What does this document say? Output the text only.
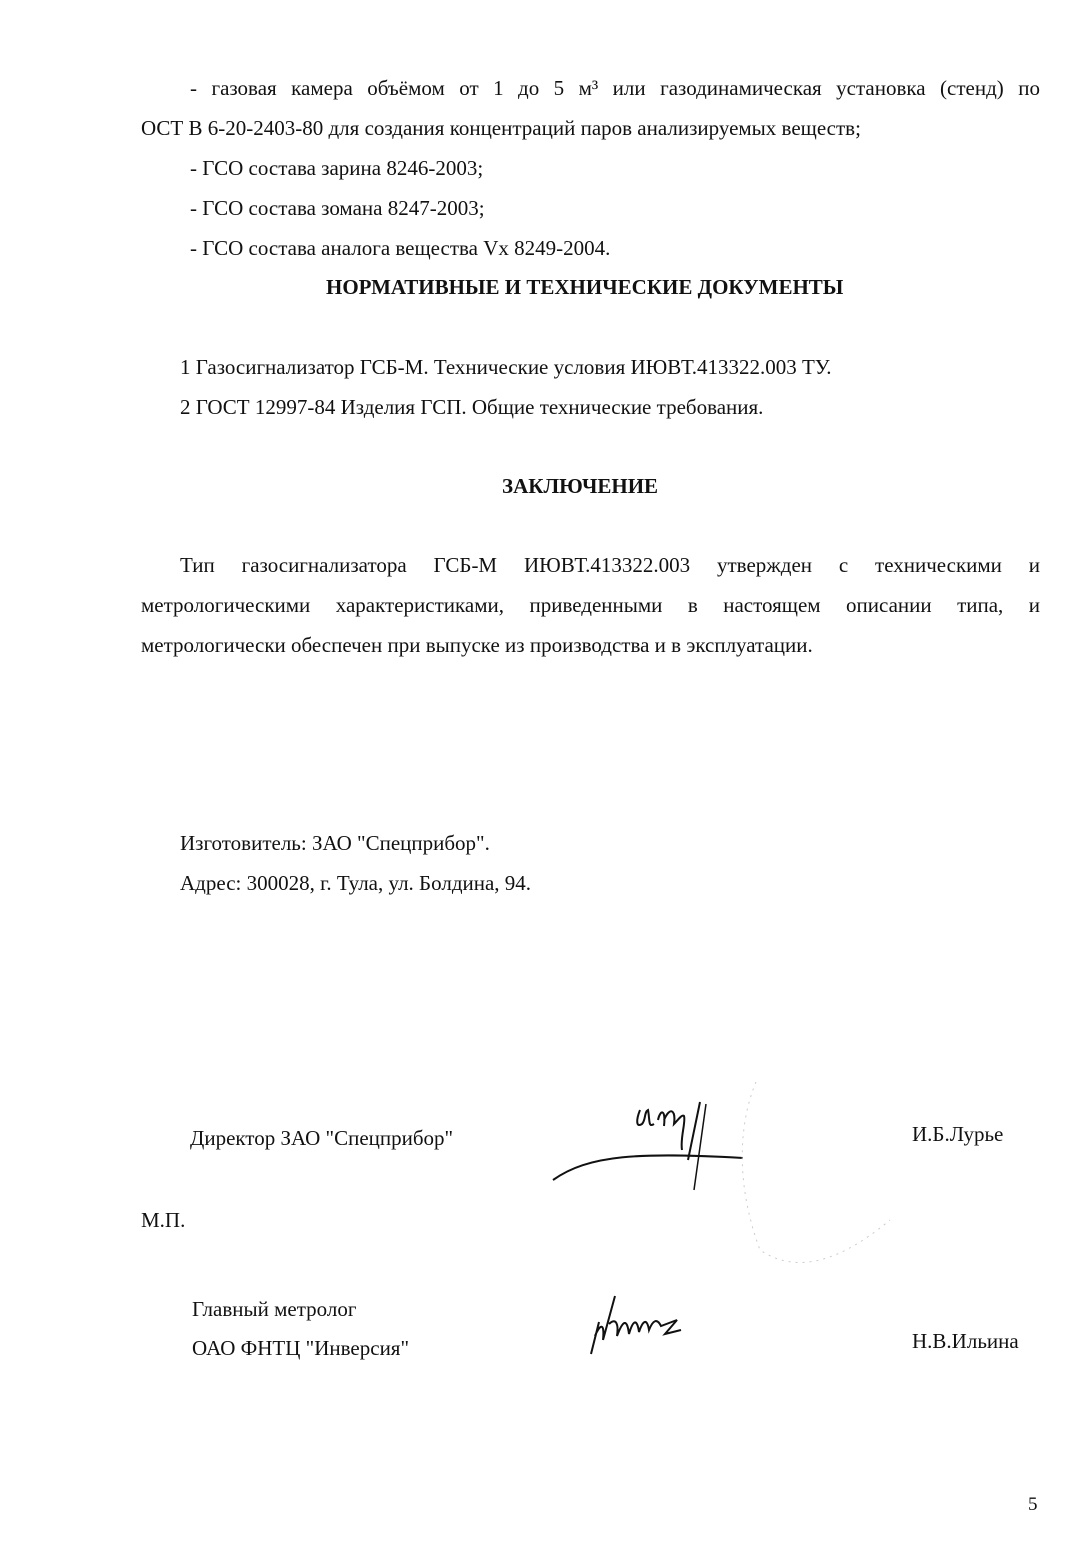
- газовая камера объёмом от 1 до 5 м³ или газодинамическая установка (стенд) по
ОСТ В 6-20-2403-80 для создания концентраций паров анализируемых веществ;
- ГСО состава зарина 8246-2003;
- ГСО состава зомана 8247-2003;
- ГСО состава аналога вещества Vx 8249-2004.
НОРМАТИВНЫЕ И ТЕХНИЧЕСКИЕ ДОКУМЕНТЫ
1 Газосигнализатор ГСБ-М. Технические условия ИЮВТ.413322.003 ТУ.
2 ГОСТ 12997-84 Изделия ГСП. Общие технические требования.
ЗАКЛЮЧЕНИЕ
Тип газосигнализатора ГСБ-М ИЮВТ.413322.003 утвержден с техническими и
метрологическими характеристиками, приведенными в настоящем описании типа, и
метрологически обеспечен при выпуске из производства и в эксплуатации.
Изготовитель: ЗАО "Спецприбор".
Адрес: 300028, г. Тула, ул. Болдина, 94.
Директор ЗАО "Спецприбор"	И.Б.Лурье
М.П.
Главный метролог
ОАО ФНТЦ "Инверсия"	Н.В.Ильина
5
